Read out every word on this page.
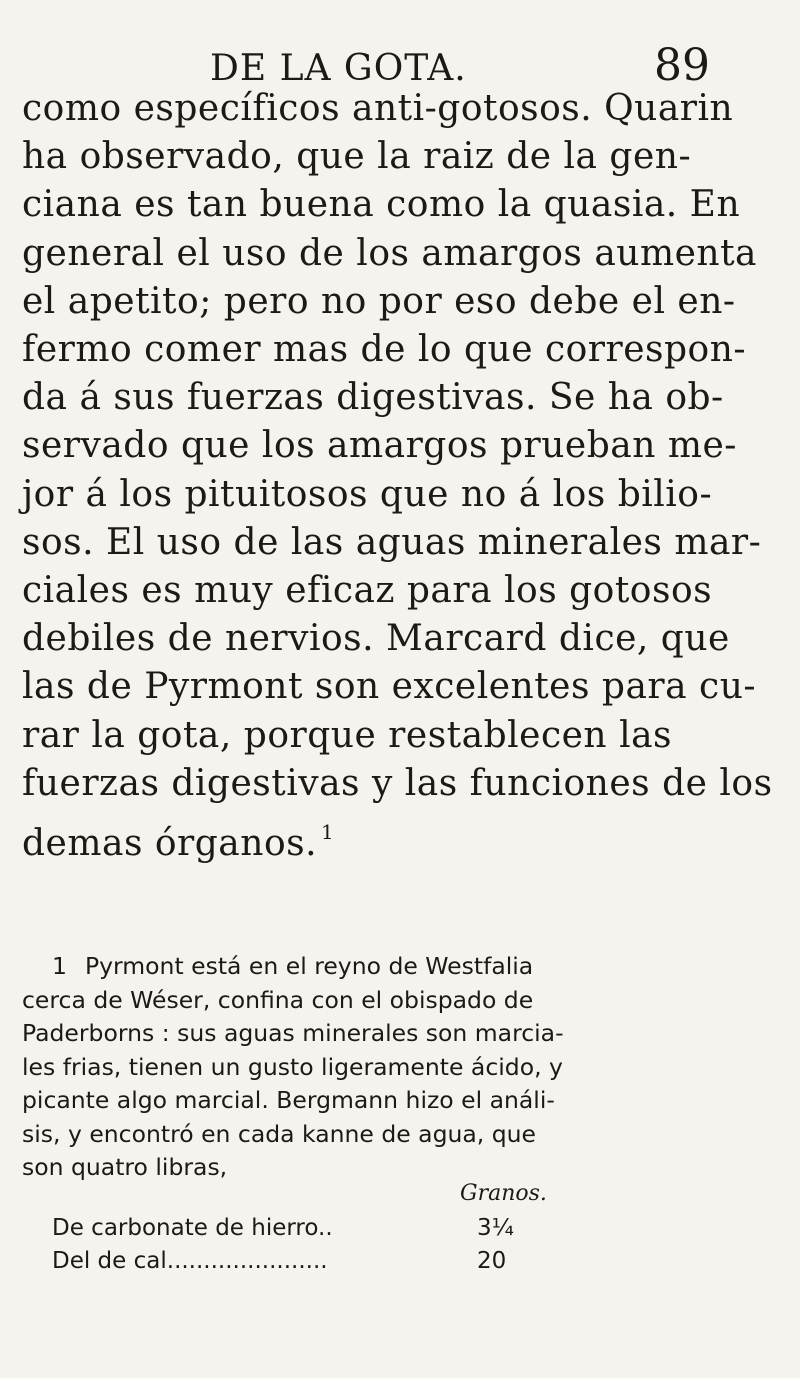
DE LA GOTA.	89
como específicos anti-gotosos. Quarin
ha observado, que la raiz de la gen-
ciana es tan buena como la quasia. En
general el uso de los amargos aumenta
el apetito; pero no por eso debe el en-
fermo comer mas de lo que correspon-
da á sus fuerzas digestivas. Se ha ob-
servado que los amargos prueban me-
jor á los pituitosos que no á los bilio-
sos. El uso de las aguas minerales mar-
ciales es muy eficaz para los gotosos
debiles de nervios. Marcard dice, que
las de Pyrmont son excelentes para cu-
rar la gota, porque restablecen las
fuerzas digestivas y las funciones de los
demas órganos. $^1$
1 Pyrmont está en el reyno de Westfalia
cerca de Wéser, confina con el obispado de
Paderborns : sus aguas minerales son marcia-
les frias, tienen un gusto ligeramente ácido, y
picante algo marcial. Bergmann hizo el análi-
sis, y encontró en cada kanne de agua, que
son quatro libras,
Granos.
De carbonate de hierro..	3¼
Del de cal......................	20
